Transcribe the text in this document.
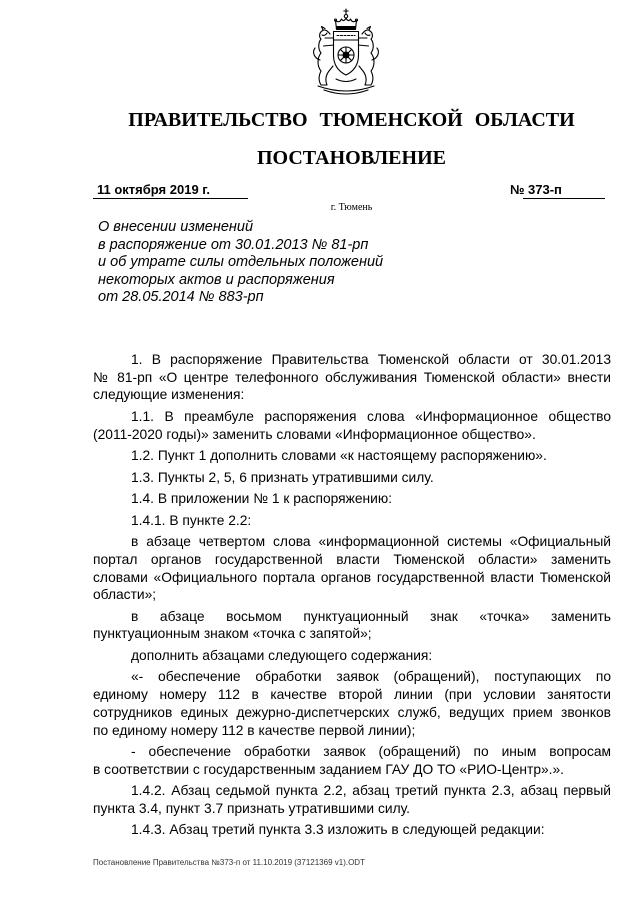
ПРАВИТЕЛЬСТВО ТЮМЕНСКОЙ ОБЛАСТИ
ПОСТАНОВЛЕНИЕ
11 октября 2019 г.	№ 373-п
г. Тюмень
О внесении изменений
в распоряжение от 30.01.2013 № 81-рп
и об утрате силы отдельных положений
некоторых актов и распоряжения
от 28.05.2014 № 883-рп
1. В распоряжение Правительства Тюменской области от 30.01.2013
№ 81-рп «О центре телефонного обслуживания Тюменской области» внести
следующие изменения:
1.1. В преамбуле распоряжения слова «Информационное общество
(2011-2020 годы)» заменить словами «Информационное общество».
1.2. Пункт 1 дополнить словами «к настоящему распоряжению».
1.3. Пункты 2, 5, 6 признать утратившими силу.
1.4. В приложении № 1 к распоряжению:
1.4.1. В пункте 2.2:
в абзаце четвертом слова «информационной системы «Официальный
портал органов государственной власти Тюменской области» заменить
словами «Официального портала органов государственной власти Тюменской
области»;
в абзаце восьмом пунктуационный знак «точка» заменить
пунктуационным знаком «точка с запятой»;
дополнить абзацами следующего содержания:
«- обеспечение обработки заявок (обращений), поступающих по
единому номеру 112 в качестве второй линии (при условии занятости
сотрудников единых дежурно-диспетчерских служб, ведущих прием звонков
по единому номеру 112 в качестве первой линии);
- обеспечение обработки заявок (обращений) по иным вопросам
в соответствии с государственным заданием ГАУ ДО ТО «РИО-Центр».».
1.4.2. Абзац седьмой пункта 2.2, абзац третий пункта 2.3, абзац первый
пункта 3.4, пункт 3.7 признать утратившими силу.
1.4.3. Абзац третий пункта 3.3 изложить в следующей редакции:
Постановление Правительства №373-п от 11.10.2019 (37121369 v1).ODT
